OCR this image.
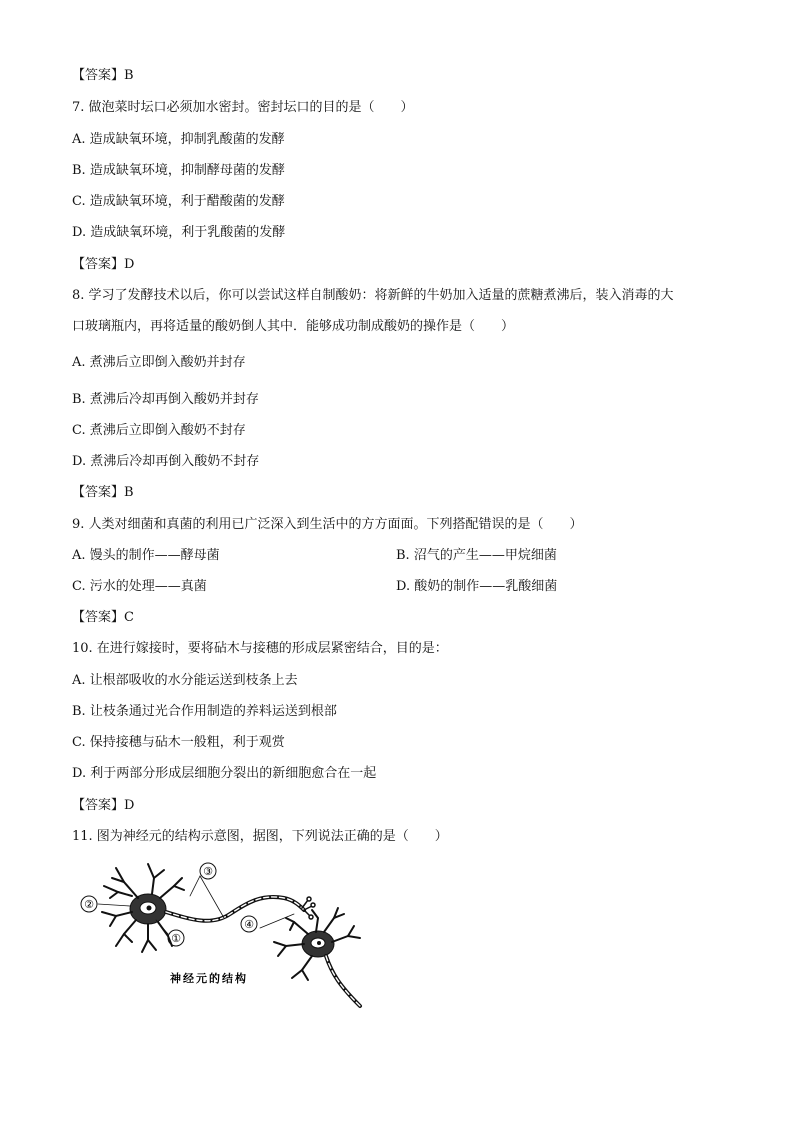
【答案】B
7. 做泡菜时坛口必须加水密封。密封坛口的目的是（　　）
A. 造成缺氧环境，抑制乳酸菌的发酵
B. 造成缺氧环境，抑制酵母菌的发酵
C. 造成缺氧环境，利于醋酸菌的发酵
D. 造成缺氧环境，利于乳酸菌的发酵
【答案】D
8. 学习了发酵技术以后，你可以尝试这样自制酸奶：将新鲜的牛奶加入适量的蔗糖煮沸后，装入消毒的大
口玻璃瓶内，再将适量的酸奶倒人其中．能够成功制成酸奶的操作是（　　）
A. 煮沸后立即倒入酸奶并封存
B. 煮沸后冷却再倒入酸奶并封存
C. 煮沸后立即倒入酸奶不封存
D. 煮沸后冷却再倒入酸奶不封存
【答案】B
9. 人类对细菌和真菌的利用已广泛深入到生活中的方方面面。下列搭配错误的是（　　）
A. 馒头的制作——酵母菌	B. 沼气的产生——甲烷细菌
C. 污水的处理——真菌	D. 酸奶的制作——乳酸细菌
【答案】C
10. 在进行嫁接时，要将砧木与接穗的形成层紧密结合，目的是：
A. 让根部吸收的水分能运送到枝条上去
B. 让枝条通过光合作用制造的养料运送到根部
C. 保持接穗与砧木一般粗，利于观赏
D. 利于两部分形成层细胞分裂出的新细胞愈合在一起
【答案】D
11. 图为神经元的结构示意图，据图，下列说法正确的是（　　）
②
①
③
④
神经元的结构
